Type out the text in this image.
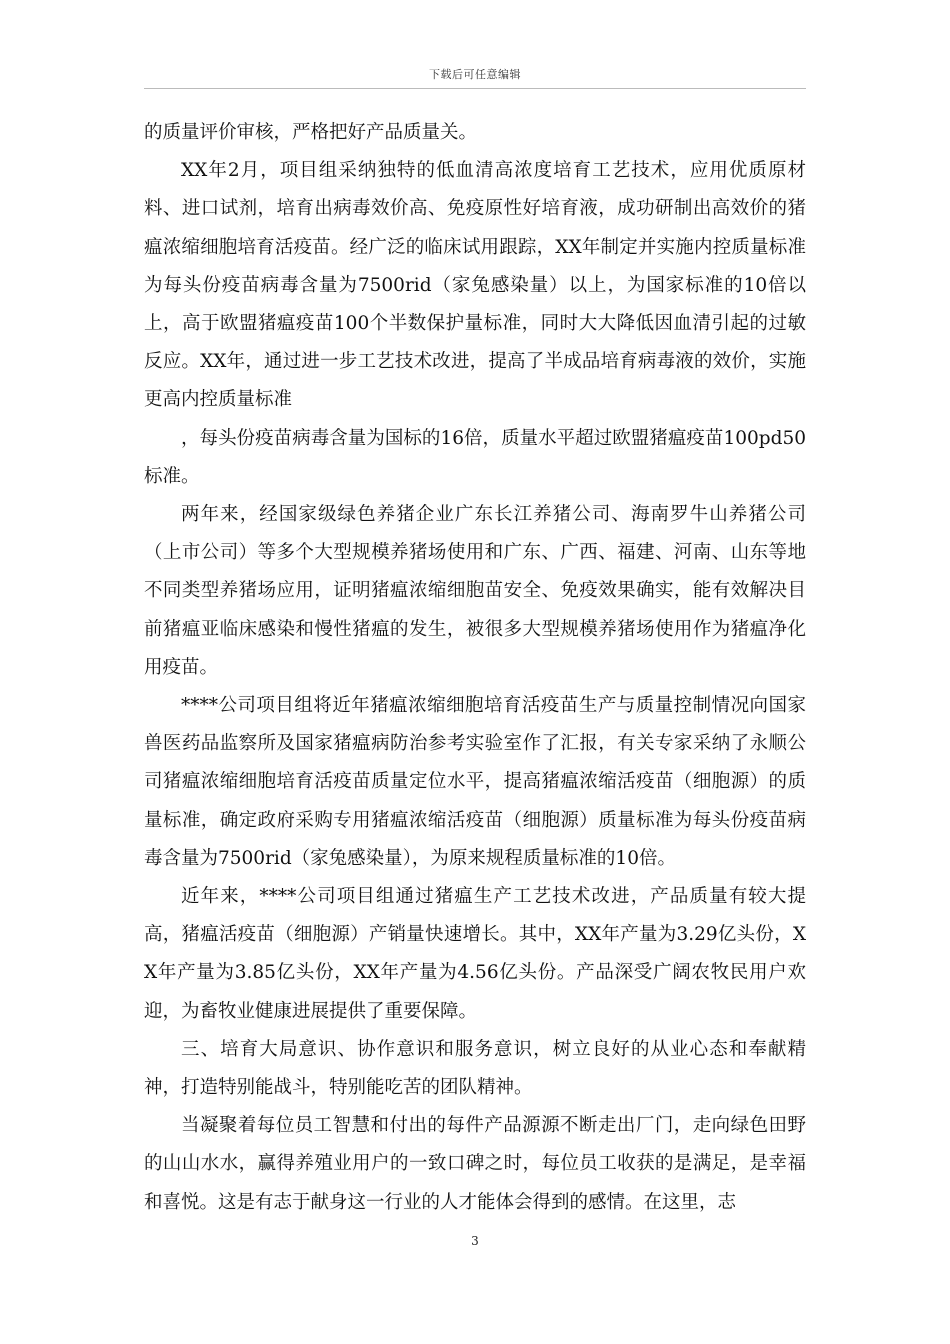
下载后可任意编辑

的质量评价审核，严格把好产品质量关。

XX年2月，项目组采纳独特的低血清高浓度培育工艺技术，应用优质原材料、进口试剂，培育出病毒效价高、免疫原性好培育液，成功研制出高效价的猪瘟浓缩细胞培育活疫苗。经广泛的临床试用跟踪，XX年制定并实施内控质量标准为每头份疫苗病毒含量为7500rid（家兔感染量）以上，为国家标准的10倍以上，高于欧盟猪瘟疫苗100个半数保护量标准，同时大大降低因血清引起的过敏反应。XX年，通过进一步工艺技术改进，提高了半成品培育病毒液的效价，实施更高内控质量标准

，每头份疫苗病毒含量为国标的16倍，质量水平超过欧盟猪瘟疫苗100pd50标准。

两年来，经国家级绿色养猪企业广东长江养猪公司、海南罗牛山养猪公司（上市公司）等多个大型规模养猪场使用和广东、广西、福建、河南、山东等地不同类型养猪场应用，证明猪瘟浓缩细胞苗安全、免疫效果确实，能有效解决目前猪瘟亚临床感染和慢性猪瘟的发生，被很多大型规模养猪场使用作为猪瘟净化用疫苗。

****公司项目组将近年猪瘟浓缩细胞培育活疫苗生产与质量控制情况向国家兽医药品监察所及国家猪瘟病防治参考实验室作了汇报，有关专家采纳了永顺公司猪瘟浓缩细胞培育活疫苗质量定位水平，提高猪瘟浓缩活疫苗（细胞源）的质量标准，确定政府采购专用猪瘟浓缩活疫苗（细胞源）质量标准为每头份疫苗病毒含量为7500rid（家兔感染量），为原来规程质量标准的10倍。

近年来，****公司项目组通过猪瘟生产工艺技术改进，产品质量有较大提高，猪瘟活疫苗（细胞源）产销量快速增长。其中，XX年产量为3.29亿头份，XX年产量为3.85亿头份，XX年产量为4.56亿头份。产品深受广阔农牧民用户欢迎，为畜牧业健康进展提供了重要保障。

三、培育大局意识、协作意识和服务意识，树立良好的从业心态和奉献精神，打造特别能战斗，特别能吃苦的团队精神。

当凝聚着每位员工智慧和付出的每件产品源源不断走出厂门，走向绿色田野的山山水水，赢得养殖业用户的一致口碑之时，每位员工收获的是满足，是幸福和喜悦。这是有志于献身这一行业的人才能体会得到的感情。在这里，志

3
